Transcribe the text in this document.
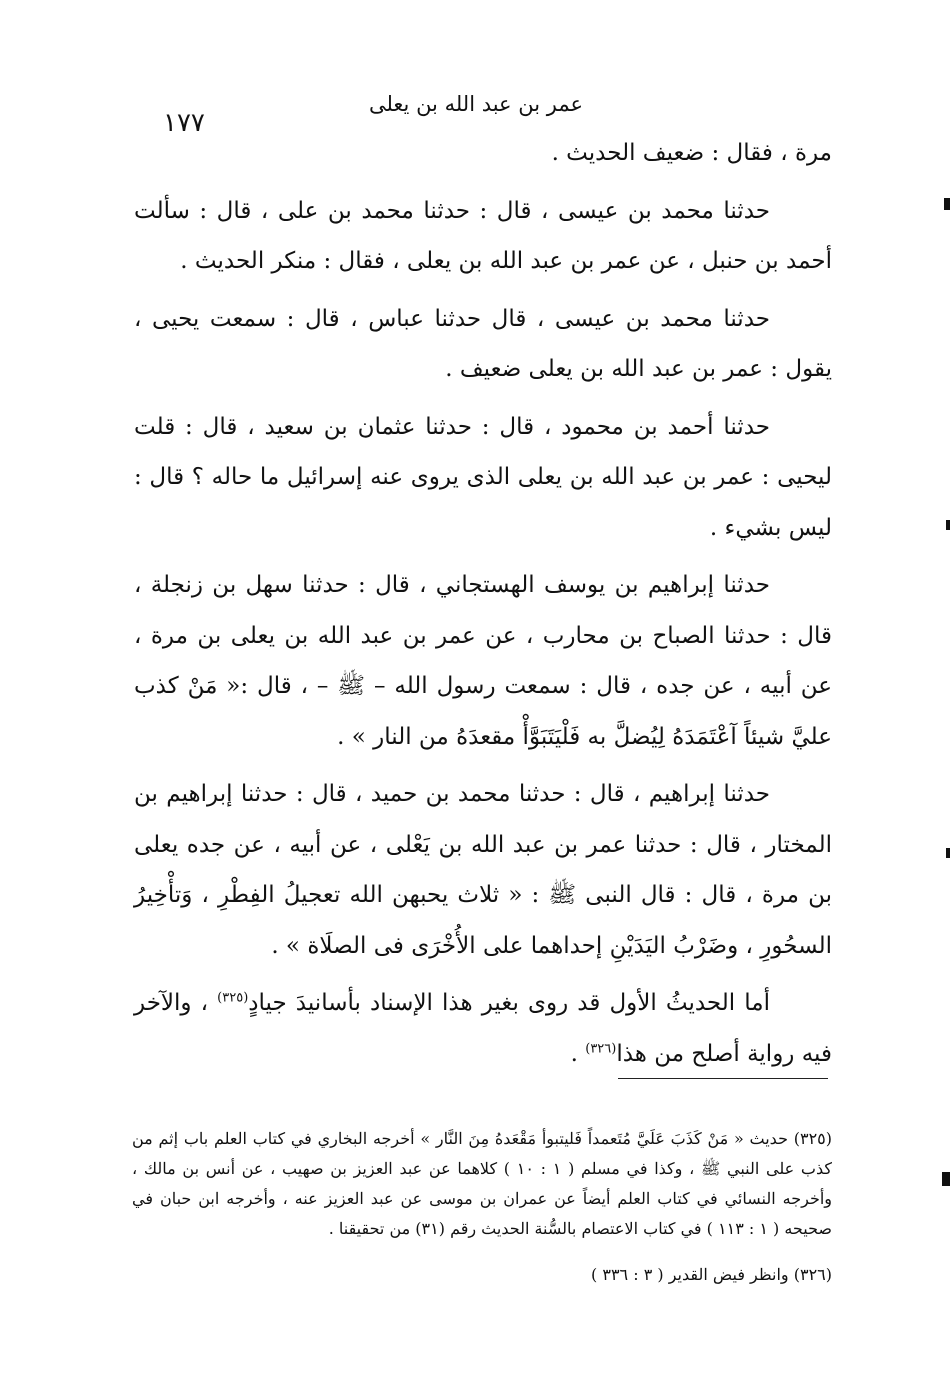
عمر بن عبد الله بن يعلى
١٧٧

مرة ، فقال : ضعيف الحديث .

حدثنا محمد بن عيسى ، قال : حدثنا محمد بن على ، قال : سألت أحمد بن حنبل ، عن عمر بن عبد الله بن يعلى ، فقال : منكر الحديث .

حدثنا محمد بن عيسى ، قال حدثنا عباس ، قال : سمعت يحيى ، يقول : عمر بن عبد الله بن يعلى ضعيف .

حدثنا أحمد بن محمود ، قال : حدثنا عثمان بن سعيد ، قال : قلت ليحيى : عمر بن عبد الله بن يعلى الذى يروى عنه إسرائيل ما حاله ؟ قال : ليس بشيء .

حدثنا إبراهيم بن يوسف الهستجاني ، قال : حدثنا سهل بن زنجلة ، قال : حدثنا الصباح بن محارب ، عن عمر بن عبد الله بن يعلى بن مرة ، عن أبيه ، عن جده ، قال : سمعت رسول الله – ﷺ – ، قال :« مَنْ كذب عليَّ شيئاً آعْتَمَدَهُ لِيُضلَّ به فَلْيَتَبَوَّأْ مقعدَهُ من النار » .

حدثنا إبراهيم ، قال : حدثنا محمد بن حميد ، قال : حدثنا إبراهيم بن المختار ، قال : حدثنا عمر بن عبد الله بن يَعْلى ، عن أبيه ، عن جده يعلى بن مرة ، قال : قال النبى ﷺ : « ثلاث يحبهن الله تعجيلُ الفِطْرِ ، وَتأْخِيرُ السحُورِ ، وضَرْبُ اليَدَيْنِ إحداهما على الأُخْرَى فى الصلَاة » .

أما الحديثُ الأول قد روى بغير هذا الإسناد بأسانيدَ جيادٍ$^{(٣٢٥)}$ ، والآخر فيه رواية أصلح من هذا$^{(٣٢٦)}$ .

(٣٢٥) حديث « مَنْ كَذَبَ عَلَيَّ مُتَعمداً فَليتبوأ مَقْعَدهُ مِنَ النَّار » أخرجه البخاري في كتاب العلم باب إثم من كذب على النبي ﷺ ، وكذا في مسلم ( ١ : ١٠ ) كلاهما عن عبد العزيز بن صهيب ، عن أنس بن مالك ، وأخرجه النسائي في كتاب العلم أيضاً عن عمران بن موسى عن عبد العزيز عنه ، وأخرجه ابن حبان في صحيحه ( ١ : ١١٣ ) في كتاب الاعتصام بالسُّنة الحديث رقم (٣١) من تحقيقنا .

(٣٢٦) وانظر فيض القدير ( ٣ : ٣٣٦ )
